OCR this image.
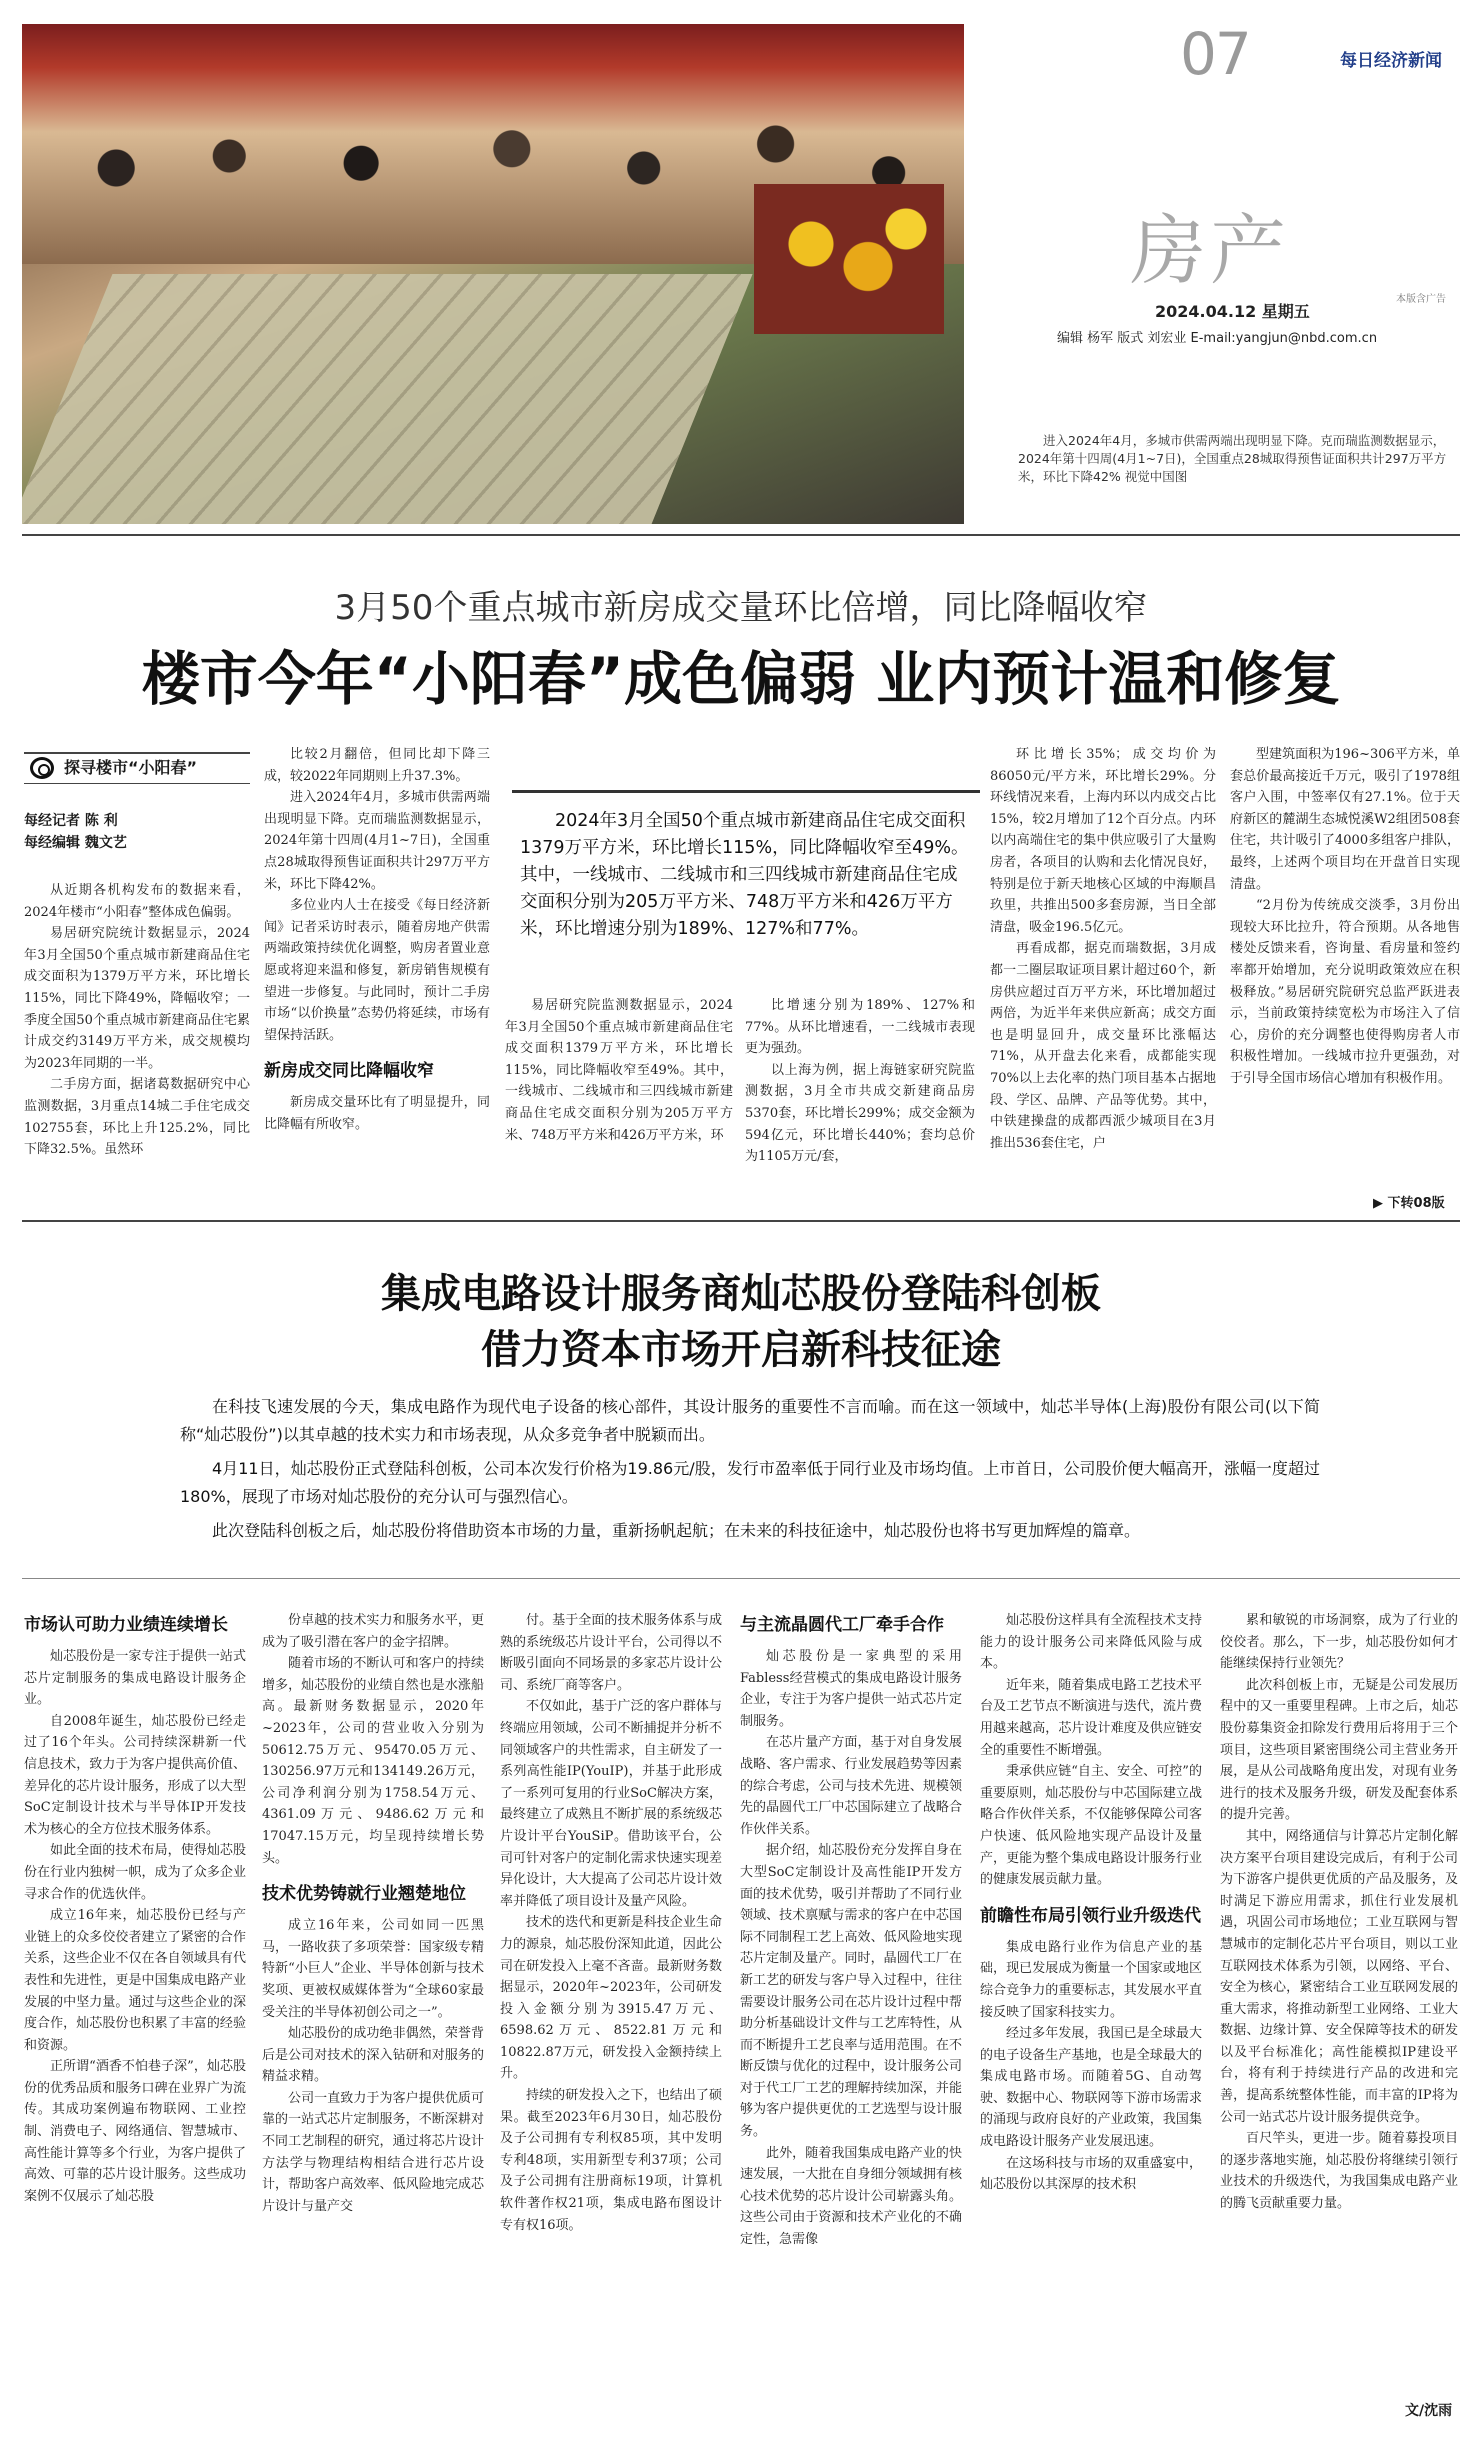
07	每日经济新闻
房产
本版含广告
2024.04.12 星期五
编辑 杨军 版式 刘宏业 E-mail:yangjun@nbd.com.cn
进入2024年4月，多城市供需两端出现明显下降。克而瑞监测数据显示，2024年第十四周(4月1~7日)，全国重点28城取得预售证面积共计297万平方米，环比下降42% 视觉中国图
3月50个重点城市新房成交量环比倍增，同比降幅收窄
楼市今年“小阳春”成色偏弱 业内预计温和修复
探寻楼市“小阳春”
每经记者 陈 利
每经编辑 魏文艺

从近期各机构发布的数据来看，2024年楼市“小阳春”整体成色偏弱。

易居研究院统计数据显示，2024年3月全国50个重点城市新建商品住宅成交面积为1379万平方米，环比增长115%，同比下降49%，降幅收窄；一季度全国50个重点城市新建商品住宅累计成交约3149万平方米，成交规模均为2023年同期的一半。

二手房方面，据诸葛数据研究中心监测数据，3月重点14城二手住宅成交102755套，环比上升125.2%，同比下降32.5%。虽然环

比较2月翻倍，但同比却下降三成，较2022年同期则上升37.3%。

进入2024年4月，多城市供需两端出现明显下降。克而瑞监测数据显示，2024年第十四周(4月1~7日)，全国重点28城取得预售证面积共计297万平方米，环比下降42%。

多位业内人士在接受《每日经济新闻》记者采访时表示，随着房地产供需两端政策持续优化调整，购房者置业意愿或将迎来温和修复，新房销售规模有望进一步修复。与此同时，预计二手房市场“以价换量”态势仍将延续，市场有望保持活跃。

新房成交同比降幅收窄

新房成交量环比有了明显提升，同比降幅有所收窄。

2024年3月全国50个重点城市新建商品住宅成交面积1379万平方米，环比增长115%，同比降幅收窄至49%。其中，一线城市、二线城市和三四线城市新建商品住宅成交面积分别为205万平方米、748万平方米和426万平方米，环比增速分别为189%、127%和77%。

易居研究院监测数据显示，2024年3月全国50个重点城市新建商品住宅成交面积1379万平方米，环比增长115%，同比降幅收窄至49%。其中，一线城市、二线城市和三四线城市新建商品住宅成交面积分别为205万平方米、748万平方米和426万平方米，环

比增速分别为189%、127%和77%。从环比增速看，一二线城市表现更为强劲。

以上海为例，据上海链家研究院监测数据，3月全市共成交新建商品房5370套，环比增长299%；成交金额为594亿元，环比增长440%；套均总价为1105万元/套，

环比增长35%；成交均价为86050元/平方米，环比增长29%。分环线情况来看，上海内环以内成交占比15%，较2月增加了12个百分点。内环以内高端住宅的集中供应吸引了大量购房者，各项目的认购和去化情况良好，特别是位于新天地核心区域的中海顺昌玖里，共推出500多套房源，当日全部清盘，吸金196.5亿元。

再看成都，据克而瑞数据，3月成都一二圈层取证项目累计超过60个，新房供应超过百万平方米，环比增加超过两倍，为近半年来供应新高；成交方面也是明显回升，成交量环比涨幅达71%，从开盘去化来看，成都能实现70%以上去化率的热门项目基本占据地段、学区、品牌、产品等优势。其中，中铁建操盘的成都西派少城项目在3月推出536套住宅，户

型建筑面积为196~306平方米，单套总价最高接近千万元，吸引了1978组客户入围，中签率仅有27.1%。位于天府新区的麓湖生态城悦溪W2组团508套住宅，共计吸引了4000多组客户排队，最终，上述两个项目均在开盘首日实现清盘。

“2月份为传统成交淡季，3月份出现较大环比拉升，符合预期。从各地售楼处反馈来看，咨询量、看房量和签约率都开始增加，充分说明政策效应在积极释放。”易居研究院研究总监严跃进表示，当前政策持续宽松为市场注入了信心，房价的充分调整也使得购房者人市积极性增加。一线城市拉升更强劲，对于引导全国市场信心增加有积极作用。

▶ 下转08版
集成电路设计服务商灿芯股份登陆科创板
借力资本市场开启新科技征途
在科技飞速发展的今天，集成电路作为现代电子设备的核心部件，其设计服务的重要性不言而喻。而在这一领域中，灿芯半导体(上海)股份有限公司(以下简称“灿芯股份”)以其卓越的技术实力和市场表现，从众多竞争者中脱颖而出。
4月11日，灿芯股份正式登陆科创板，公司本次发行价格为19.86元/股，发行市盈率低于同行业及市场均值。上市首日，公司股价便大幅高开，涨幅一度超过180%，展现了市场对灿芯股份的充分认可与强烈信心。
此次登陆科创板之后，灿芯股份将借助资本市场的力量，重新扬帆起航；在未来的科技征途中，灿芯股份也将书写更加辉煌的篇章。
市场认可助力业绩连续增长

灿芯股份是一家专注于提供一站式芯片定制服务的集成电路设计服务企业。

自2008年诞生，灿芯股份已经走过了16个年头。公司持续深耕新一代信息技术，致力于为客户提供高价值、差异化的芯片设计服务，形成了以大型SoC定制设计技术与半导体IP开发技术为核心的全方位技术服务体系。

如此全面的技术布局，使得灿芯股份在行业内独树一帜，成为了众多企业寻求合作的优选伙伴。

成立16年来，灿芯股份已经与产业链上的众多佼佼者建立了紧密的合作关系，这些企业不仅在各自领域具有代表性和先进性，更是中国集成电路产业发展的中坚力量。通过与这些企业的深度合作，灿芯股份也积累了丰富的经验和资源。

正所谓“酒香不怕巷子深”，灿芯股份的优秀品质和服务口碑在业界广为流传。其成功案例遍布物联网、工业控制、消费电子、网络通信、智慧城市、高性能计算等多个行业，为客户提供了高效、可靠的芯片设计服务。这些成功案例不仅展示了灿芯股

份卓越的技术实力和服务水平，更成为了吸引潜在客户的金字招牌。

随着市场的不断认可和客户的持续增多，灿芯股份的业绩自然也是水涨船高。最新财务数据显示，2020年~2023年，公司的营业收入分别为50612.75万元、95470.05万元、130256.97万元和134149.26万元，公司净利润分别为1758.54万元、4361.09万元、9486.62万元和17047.15万元，均呈现持续增长势头。

技术优势铸就行业翘楚地位

成立16年来，公司如同一匹黑马，一路收获了多项荣誉：国家级专精特新“小巨人”企业、半导体创新与技术奖项、更被权威媒体誉为“全球60家最受关注的半导体初创公司之一”。

灿芯股份的成功绝非偶然，荣誉背后是公司对技术的深入钻研和对服务的精益求精。

公司一直致力于为客户提供优质可靠的一站式芯片定制服务，不断深耕对不同工艺制程的研究，通过将芯片设计方法学与物理结构相结合进行芯片设计，帮助客户高效率、低风险地完成芯片设计与量产交

付。基于全面的技术服务体系与成熟的系统级芯片设计平台，公司得以不断吸引面向不同场景的多家芯片设计公司、系统厂商等客户。

不仅如此，基于广泛的客户群体与终端应用领域，公司不断捕捉并分析不同领域客户的共性需求，自主研发了一系列高性能IP(YouIP)，并基于此形成了一系列可复用的行业SoC解决方案，最终建立了成熟且不断扩展的系统级芯片设计平台YouSiP。借助该平台，公司可针对客户的定制化需求快速实现差异化设计，大大提高了公司芯片设计效率并降低了项目设计及量产风险。

技术的迭代和更新是科技企业生命力的源泉，灿芯股份深知此道，因此公司在研发投入上毫不吝啬。最新财务数据显示，2020年~2023年，公司研发投入金额分别为3915.47万元、6598.62万元、8522.81万元和10822.87万元，研发投入金额持续上升。

持续的研发投入之下，也结出了硕果。截至2023年6月30日，灿芯股份及子公司拥有专利权85项，其中发明专利48项，实用新型专利37项；公司及子公司拥有注册商标19项，计算机软件著作权21项，集成电路布图设计专有权16项。

与主流晶圆代工厂牵手合作

灿芯股份是一家典型的采用Fabless经营模式的集成电路设计服务企业，专注于为客户提供一站式芯片定制服务。

在芯片量产方面，基于对自身发展战略、客户需求、行业发展趋势等因素的综合考虑，公司与技术先进、规模领先的晶圆代工厂中芯国际建立了战略合作伙伴关系。

据介绍，灿芯股份充分发挥自身在大型SoC定制设计及高性能IP开发方面的技术优势，吸引并帮助了不同行业领域、技术禀赋与需求的客户在中芯国际不同制程工艺上高效、低风险地实现芯片定制及量产。同时，晶圆代工厂在新工艺的研发与客户导入过程中，往往需要设计服务公司在芯片设计过程中帮助分析基础设计文件与工艺库特性，从而不断提升工艺良率与适用范围。在不断反馈与优化的过程中，设计服务公司对于代工厂工艺的理解持续加深，并能够为客户提供更优的工艺选型与设计服务。

此外，随着我国集成电路产业的快速发展，一大批在自身细分领域拥有核心技术优势的芯片设计公司崭露头角。这些公司由于资源和技术产业化的不确定性，急需像

灿芯股份这样具有全流程技术支持能力的设计服务公司来降低风险与成本。

近年来，随着集成电路工艺技术平台及工艺节点不断演进与迭代，流片费用越来越高，芯片设计难度及供应链安全的重要性不断增强。

秉承供应链“自主、安全、可控”的重要原则，灿芯股份与中芯国际建立战略合作伙伴关系，不仅能够保障公司客户快速、低风险地实现产品设计及量产，更能为整个集成电路设计服务行业的健康发展贡献力量。

前瞻性布局引领行业升级迭代

集成电路行业作为信息产业的基础，现已发展成为衡量一个国家或地区综合竞争力的重要标志，其发展水平直接反映了国家科技实力。

经过多年发展，我国已是全球最大的电子设备生产基地，也是全球最大的集成电路市场。而随着5G、自动驾驶、数据中心、物联网等下游市场需求的涌现与政府良好的产业政策，我国集成电路设计服务产业发展迅速。

在这场科技与市场的双重盛宴中，灿芯股份以其深厚的技术积

累和敏锐的市场洞察，成为了行业的佼佼者。那么，下一步，灿芯股份如何才能继续保持行业领先？

此次科创板上市，无疑是公司发展历程中的又一重要里程碑。上市之后，灿芯股份募集资金扣除发行费用后将用于三个项目，这些项目紧密围绕公司主营业务开展，是从公司战略角度出发，对现有业务进行的技术及服务升级，研发及配套体系的提升完善。

其中，网络通信与计算芯片定制化解决方案平台项目建设完成后，有利于公司为下游客户提供更优质的产品及服务，及时满足下游应用需求，抓住行业发展机遇，巩固公司市场地位；工业互联网与智慧城市的定制化芯片平台项目，则以工业互联网技术体系为引领，以网络、平台、安全为核心，紧密结合工业互联网发展的重大需求，将推动新型工业网络、工业大数据、边缘计算、安全保障等技术的研发以及平台标准化；高性能模拟IP建设平台，将有利于持续进行产品的改进和完善，提高系统整体性能，而丰富的IP将为公司一站式芯片设计服务提供竞争。

百尺竿头，更进一步。随着募投项目的逐步落地实施，灿芯股份将继续引领行业技术的升级迭代，为我国集成电路产业的腾飞贡献重要力量。

文/沈雨
